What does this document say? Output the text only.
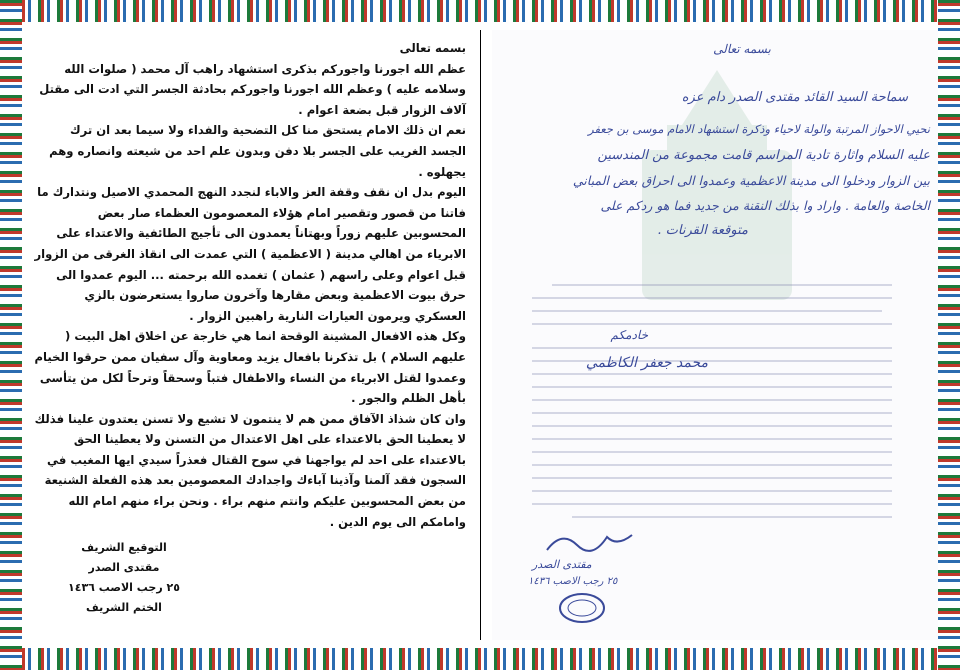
بسمه تعالى

عظم الله اجورنا واجوركم بذكرى استشهاد راهب آل محمد ( صلوات الله وسلامه عليه ) وعظم الله اجورنا واجوركم بحادثة الجسر التي ادت الى مقتل آلاف الزوار قبل بضعة اعوام .

نعم ان ذلك الامام يستحق منا كل التضحية والفداء ولا سيما بعد ان ترك الجسد الغريب على الجسر بلا دفن وبدون علم احد من شيعته وانصاره وهم يجهلوه .

اليوم بدل ان نقف وقفة العز والاباء لنجدد النهج المحمدي الاصيل ونتدارك ما فاتنا من قصور وتقصير امام هؤلاء المعصومون العظماء صار بعض المحسوبين عليهم زوراً وبهتاناً يعمدون الى تأجيج الطائفية والاعتداء على الابرياء من اهالي مدينة ( الاعظمية ) التي عمدت الى انقاذ الغرقى من الزوار قبل اعوام وعلى راسهم ( عثمان ) تغمده الله برحمته ... اليوم عمدوا الى حرق بيوت الاعظمية وبعض مقارها وآخرون صاروا يستعرضون بالزي العسكري ويرمون العيارات النارية راهبين الزوار .

وكل هذه الافعال المشينة الوقحة انما هي خارجة عن اخلاق اهل البيت ( عليهم السلام ) بل تذكرنا بافعال يزيد ومعاوية وآل سفيان ممن حرقوا الخيام وعمدوا لقتل الابرياء من النساء والاطفال فتباً وسحقاً وترحاً لكل من يتأسى بأهل الظلم والجور .

وان كان شذاذ الآفاق ممن هم لا ينتمون لا تشيع ولا تسنن يعتدون علينا فذلك لا يعطينا الحق بالاعتداء على اهل الاعتدال من التسنن ولا يعطينا الحق بالاعتداء على احد لم يواجهنا في سوح القتال فعذراً سيدي ايها المغيب في السجون فقد آلمنا وآذينا آباءك واجدادك المعصومين بعد هذه الفعلة الشنيعة من بعض المحسوبين عليكم وانتم منهم براء . ونحن براء منهم امام الله وامامكم الى يوم الدين .

التوقيع الشريف
مقتدى الصدر
٢٥ رجب الاصب ١٤٣٦
الختم الشريف
بسمه تعالى
سماحة السيد القائد مقتدى الصدر دام عزه
نحيي الاحواز المرتبة والولة لاحياء وذكرة استشهاد الامام موسى بن جعفر
عليه السلام واثارة تادية المراسم قامت مجموعة من المندسين
بين الزوار ودخلوا الى مدينة الاعظمية وعمدوا الى احراق بعض المباني
الخاصة والعامة . واراد وا بذلك النقنة من جديد فما هو ردكم على
متوقعة القرنات .
خادمكم
محمد جعفر الكاظمي
مقتدى الصدر
٢٥ رجب الاصب ١٤٣٦
